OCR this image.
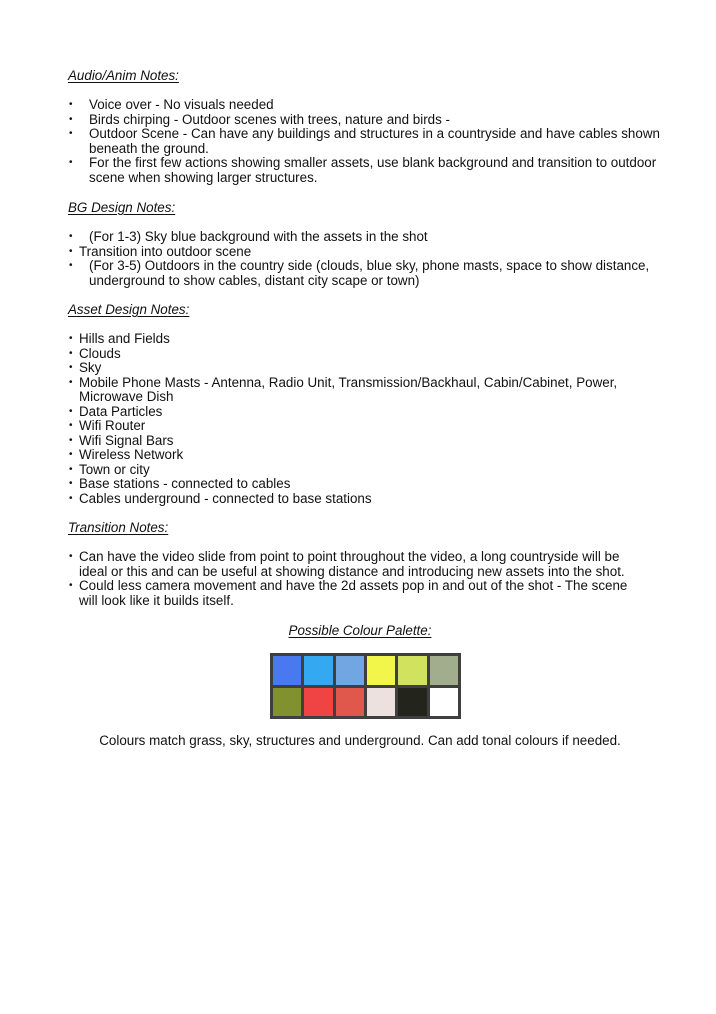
Audio/Anim Notes:
• Voice over - No visuals needed
• Birds chirping - Outdoor scenes with trees, nature and birds -
• Outdoor Scene - Can have any buildings and structures in a countryside and have cables shown beneath the ground.
• For the first few actions showing smaller assets, use blank background and transition to outdoor scene when showing larger structures.
BG Design Notes:
• (For 1-3) Sky blue background with the assets in the shot
• Transition into outdoor scene
• (For 3-5) Outdoors in the country side (clouds, blue sky, phone masts, space to show distance, underground to show cables, distant city scape or town)
Asset Design Notes:
• Hills and Fields
• Clouds
• Sky
• Mobile Phone Masts - Antenna, Radio Unit, Transmission/Backhaul, Cabin/Cabinet, Power, Microwave Dish
• Data Particles
• Wifi Router
• Wifi Signal Bars
• Wireless Network
• Town or city
• Base stations - connected to cables
• Cables underground - connected to base stations
Transition Notes:
• Can have the video slide from point to point throughout the video, a long countryside will be ideal or this and can be useful at showing distance and introducing new assets into the shot.
• Could less camera movement and have the 2d assets pop in and out of the shot - The scene will look like it builds itself.
Possible Colour Palette:
Colours match grass, sky, structures and underground. Can add tonal colours if needed.
